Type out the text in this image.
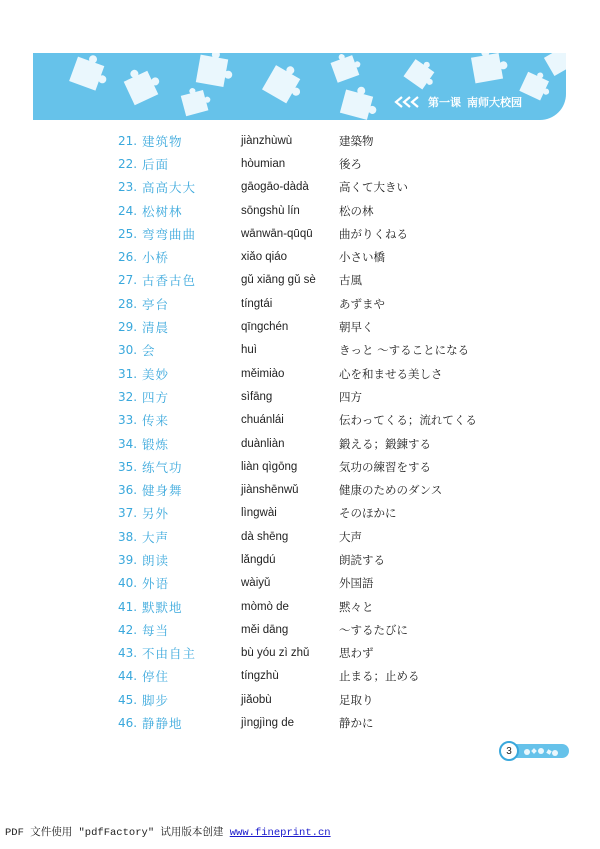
第一课 南师大校园
21. 建筑物	jiànzhùwù	建築物
22. 后面	hòumian	後ろ
23. 高高大大	gāogāo-dàdà	高くて大きい
24. 松树林	sōngshù lín	松の林
25. 弯弯曲曲	wānwān-qūqū	曲がりくねる
26. 小桥	xiǎo qiáo	小さい橋
27. 古香古色	gǔ xiāng gǔ sè	古風
28. 亭台	tíngtái	あずまや
29. 清晨	qīngchén	朝早く
30. 会	huì	きっと ～することになる
31. 美妙	měimiào	心を和ませる美しさ
32. 四方	sìfāng	四方
33. 传来	chuánlái	伝わってくる；流れてくる
34. 锻炼	duànliàn	鍛える；鍛錬する
35. 练气功	liàn qìgōng	気功の練習をする
36. 健身舞	jiànshēnwǔ	健康のためのダンス
37. 另外	lìngwài	そのほかに
38. 大声	dà shēng	大声
39. 朗读	lǎngdú	朗読する
40. 外语	wàiyǔ	外国語
41. 默默地	mòmò de	黙々と
42. 每当	měi dāng	～するたびに
43. 不由自主	bù yóu zì zhǔ	思わず
44. 停住	tíngzhù	止まる；止める
45. 脚步	jiǎobù	足取り
46. 静静地	jìngjìng de	静かに
3
PDF 文件使用 "pdfFactory" 试用版本创建 www.fineprint.cn
